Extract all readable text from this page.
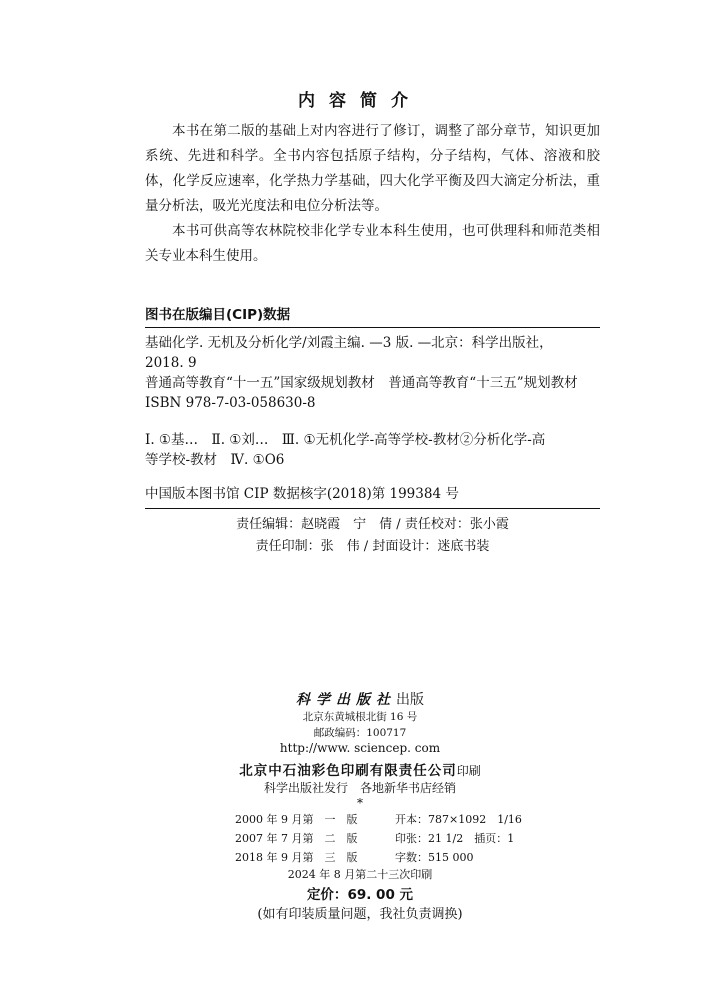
内容简介

本书在第二版的基础上对内容进行了修订，调整了部分章节，知识更加系统、先进和科学。全书内容包括原子结构，分子结构，气体、溶液和胶体，化学反应速率，化学热力学基础，四大化学平衡及四大滴定分析法，重量分析法，吸光光度法和电位分析法等。

本书可供高等农林院校非化学专业本科生使用，也可供理科和师范类相关专业本科生使用。

图书在版编目(CIP)数据
基础化学. 无机及分析化学/刘霞主编. —3 版. —北京：科学出版社，
2018. 9
普通高等教育“十一五”国家级规划教材　普通高等教育“十三五”规划教材
ISBN 978-7-03-058630-8
Ⅰ. ①基…　Ⅱ. ①刘…　Ⅲ. ①无机化学-高等学校-教材②分析化学-高
等学校-教材　Ⅳ. ①O6
中国版本图书馆 CIP 数据核字(2018)第 199384 号
责任编辑：赵晓霞　宁　倩 / 责任校对：张小霞
责任印制：张　伟 / 封面设计：迷底书装
科学出版社出版
北京东黄城根北街 16 号
邮政编码：100717
http://www. sciencep. com
北京中石油彩色印刷有限责任公司印刷
科学出版社发行　各地新华书店经销
*
2000 年 9 月第　一　版	开本：787×1092　1/16
2007 年 7 月第　二　版	印张：21 1/2　插页：1
2018 年 9 月第　三　版	字数：515 000
2024 年 8 月第二十三次印刷
定价：69. 00 元
(如有印装质量问题，我社负责调换)
